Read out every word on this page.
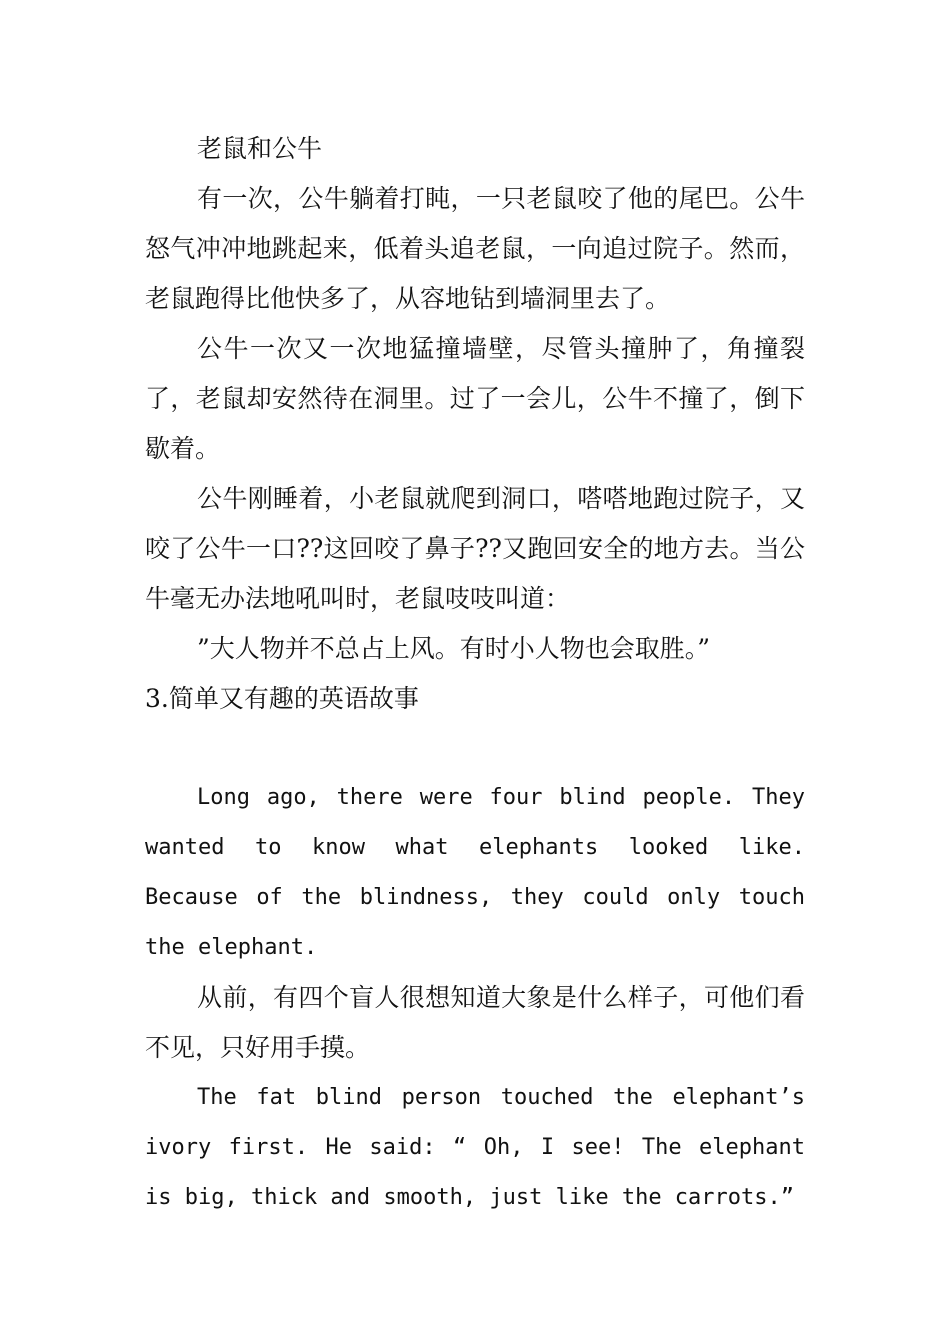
老鼠和公牛

有一次，公牛躺着打盹，一只老鼠咬了他的尾巴。公牛怒气冲冲地跳起来，低着头追老鼠，一向追过院子。然而，老鼠跑得比他快多了，从容地钻到墙洞里去了。

公牛一次又一次地猛撞墙壁，尽管头撞肿了，角撞裂了，老鼠却安然待在洞里。过了一会儿，公牛不撞了，倒下歇着。

公牛刚睡着，小老鼠就爬到洞口，嗒嗒地跑过院子，又咬了公牛一口??这回咬了鼻子??又跑回安全的地方去。当公牛毫无办法地吼叫时，老鼠吱吱叫道：

”大人物并不总占上风。有时小人物也会取胜。”

3.简单又有趣的英语故事

Long ago, there were four blind people. They wanted to know what elephants looked like. Because of the blindness, they could only touch the elephant.

从前，有四个盲人很想知道大象是什么样子，可他们看不见，只好用手摸。

The fat blind person touched the elephant’s ivory first. He said: “ Oh, I see! The elephant is big, thick and smooth, just like the carrots.”
